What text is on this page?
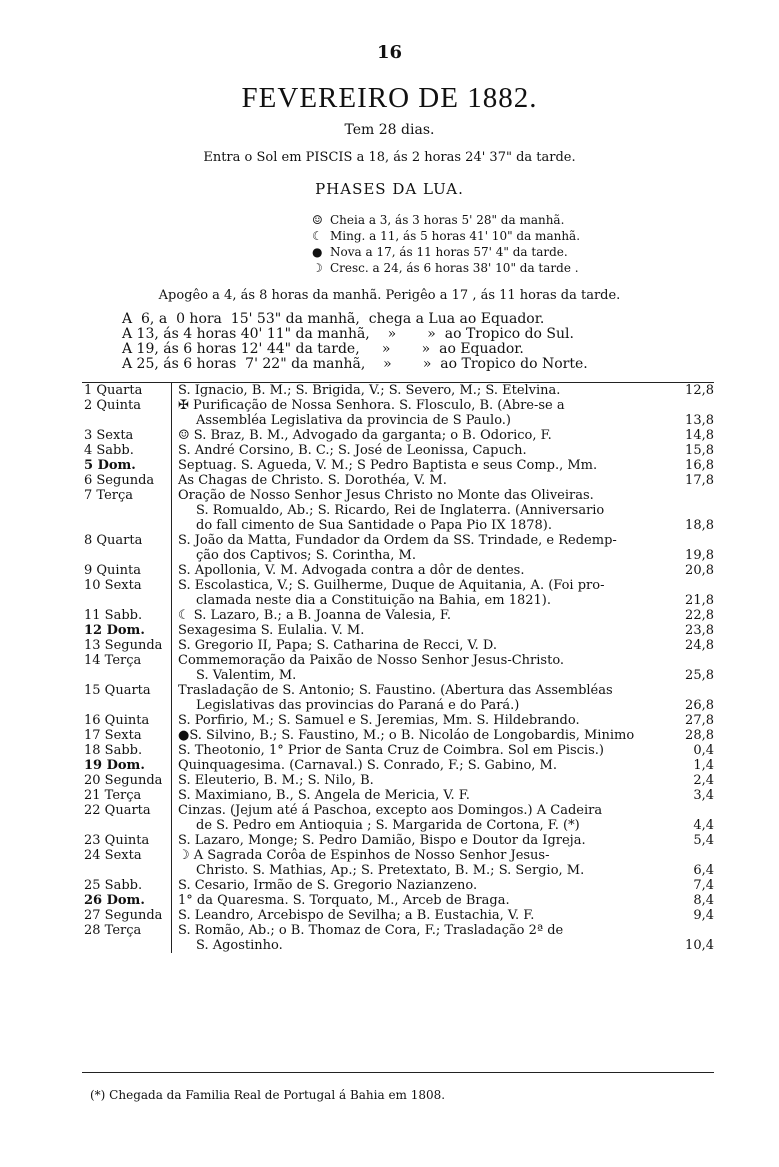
16
FEVEREIRO DE 1882.
Tem 28 dias.
Entra o Sol em PISCIS a 18, ás 2 horas 24' 37" da tarde.
PHASES DA LUA.
☺ Cheia a 3, ás 3 horas 5' 28" da manhã.
☾ Ming. a 11, ás 5 horas 41' 10" da manhã.
● Nova a 17, ás 11 horas 57' 4" da tarde.
☽ Cresc. a 24, ás 6 horas 38' 10" da tarde .
Apogêo a 4, ás 8 horas da manhã. Perigêo a 17 , ás 11 horas da tarde.
A  6, a  0 hora  15' 53" da manhã,  chega a Lua ao Equador.
A 13, ás 4 horas 40' 11" da manhã,    »       »  ao Tropico do Sul.
A 19, ás 6 horas 12' 44" da tarde,     »       »  ao Equador.
A 25, ás 6 horas  7' 22" da manhã,    »       »  ao Tropico do Norte.
1 Quarta	S. Ignacio, B. M.; S. Brigida, V.; S. Severo, M.; S. Etelvina.	12,8
2 Quinta	✠ Purificação de Nossa Senhora. S. Flosculo, B. (Abre-se a
Assembléa Legislativa da provincia de S Paulo.)	13,8
3 Sexta	☺ S. Braz, B. M., Advogado da garganta; o B. Odorico, F.	14,8
4 Sabb.	S. André Corsino, B. C.; S. José de Leonissa, Capuch.	15,8
5 Dom.	Septuag. S. Agueda, V. M.; S Pedro Baptista e seus Comp., Mm.	16,8
6 Segunda	As Chagas de Christo. S. Dorothéa, V. M.	17,8
7 Terça	Oração de Nosso Senhor Jesus Christo no Monte das Oliveiras.
S. Romualdo, Ab.; S. Ricardo, Rei de Inglaterra. (Anniversario
do fall cimento de Sua Santidade o Papa Pio IX 1878).	18,8
8 Quarta	S. João da Matta, Fundador da Ordem da SS. Trindade, e Redemp-
ção dos Captivos; S. Corintha, M.	19,8
9 Quinta	S. Apollonia, V. M. Advogada contra a dôr de dentes.	20,8
10 Sexta	S. Escolastica, V.; S. Guilherme, Duque de Aquitania, A. (Foi pro-
clamada neste dia a Constituição na Bahia, em 1821).	21,8
11 Sabb.	☾ S. Lazaro, B.; a B. Joanna de Valesia, F.	22,8
12 Dom.	Sexagesima S. Eulalia. V. M.	23,8
13 Segunda	S. Gregorio II, Papa; S. Catharina de Recci, V. D.	24,8
14 Terça	Commemoração da Paixão de Nosso Senhor Jesus-Christo.
S. Valentim, M.	25,8
15 Quarta	Trasladação de S. Antonio; S. Faustino. (Abertura das Assembléas
Legislativas das provincias do Paraná e do Pará.)	26,8
16 Quinta	S. Porfirio, M.; S. Samuel e S. Jeremias, Mm. S. Hildebrando.	27,8
17 Sexta	●S. Silvino, B.; S. Faustino, M.; o B. Nicoláo de Longobardis, Minimo	28,8
18 Sabb.	S. Theotonio, 1° Prior de Santa Cruz de Coimbra. Sol em Piscis.)	0,4
19 Dom.	Quinquagesima. (Carnaval.) S. Conrado, F.; S. Gabino, M.	1,4
20 Segunda	S. Eleuterio, B. M.; S. Nilo, B.	2,4
21 Terça	S. Maximiano, B., S. Angela de Mericia, V. F.	3,4
22 Quarta	Cinzas. (Jejum até á Paschoa, excepto aos Domingos.) A Cadeira
de S. Pedro em Antioquia ; S. Margarida de Cortona, F. (*)	4,4
23 Quinta	S. Lazaro, Monge; S. Pedro Damião, Bispo e Doutor da Igreja.	5,4
24 Sexta	☽ A Sagrada Corôa de Espinhos de Nosso Senhor Jesus-
Christo. S. Mathias, Ap.; S. Pretextato, B. M.; S. Sergio, M.	6,4
25 Sabb.	S. Cesario, Irmão de S. Gregorio Nazianzeno.	7,4
26 Dom.	1° da Quaresma. S. Torquato, M., Arceb de Braga.	8,4
27 Segunda	S. Leandro, Arcebispo de Sevilha; a B. Eustachia, V. F.	9,4
28 Terça	S. Romão, Ab.; o B. Thomaz de Cora, F.; Trasladação 2ª de
S. Agostinho.	10,4
(*) Chegada da Familia Real de Portugal á Bahia em 1808.
